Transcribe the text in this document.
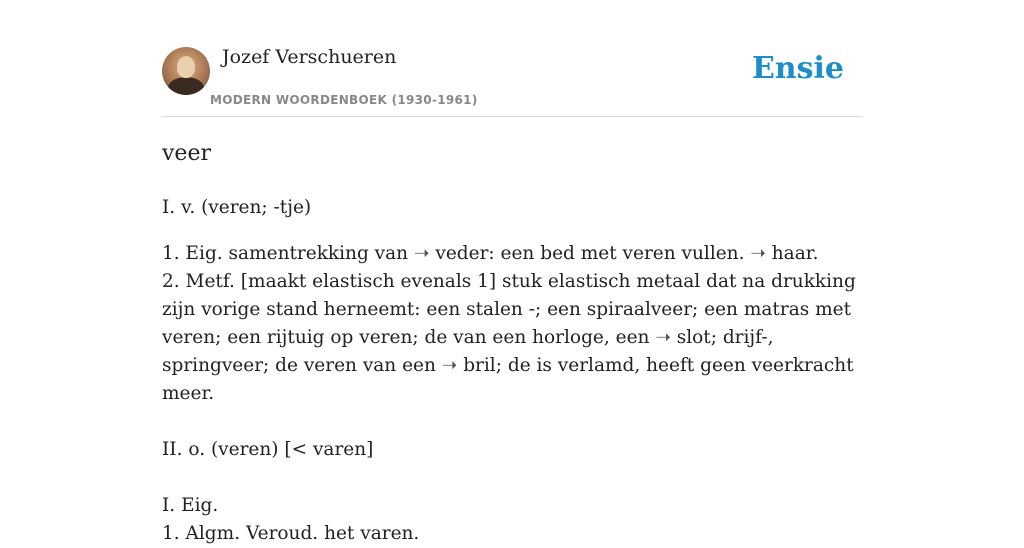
Jozef Verschueren
MODERN WOORDENBOEK (1930-1961)
Ensie
veer

I. v. (veren; -tje)

1. Eig. samentrekking van ➝ veder: een bed met veren vullen. ➝ haar.

2. Metf. [maakt elastisch evenals 1] stuk elastisch metaal dat na drukking zijn vorige stand herneemt: een stalen -; een spiraalveer; een matras met veren; een rijtuig op veren; de van een horloge, een ➝ slot; drijf-, springveer; de veren van een ➝ bril; de is verlamd, heeft geen veerkracht meer.

II. o. (veren) [< varen]

I. Eig.

1. Algm. Veroud. het varen.
